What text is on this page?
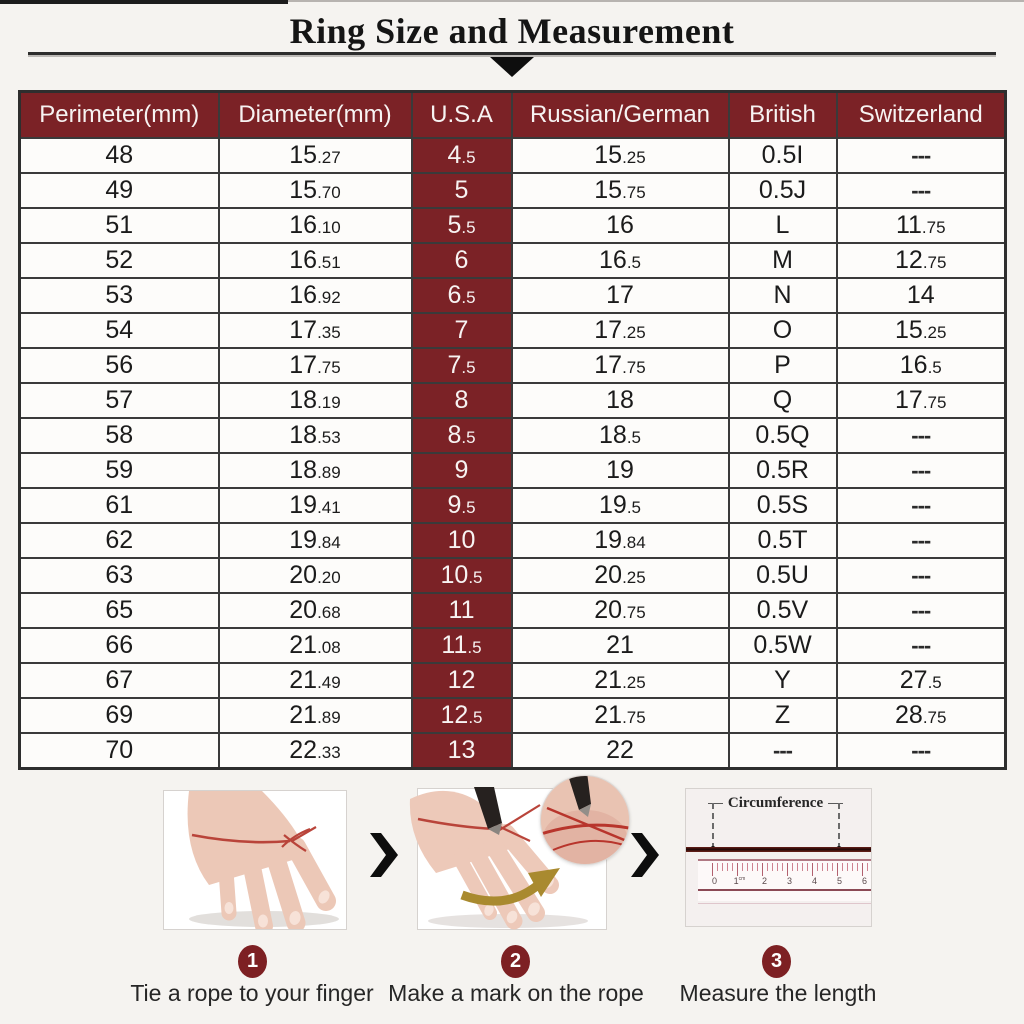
Ring Size and Measurement
Perimeter(mm)	Diameter(mm)	U.S.A	Russian/German	British	Switzerland
48	15.27	4.5	15.25	0.5I	---
49	15.70	5	15.75	0.5J	---
51	16.10	5.5	16	L	11.75
52	16.51	6	16.5	M	12.75
53	16.92	6.5	17	N	14
54	17.35	7	17.25	O	15.25
56	17.75	7.5	17.75	P	16.5
57	18.19	8	18	Q	17.75
58	18.53	8.5	18.5	0.5Q	---
59	18.89	9	19	0.5R	---
61	19.41	9.5	19.5	0.5S	---
62	19.84	10	19.84	0.5T	---
63	20.20	10.5	20.25	0.5U	---
65	20.68	11	20.75	0.5V	---
66	21.08	11.5	21	0.5W	---
67	21.49	12	21.25	Y	27.5
69	21.89	12.5	21.75	Z	28.75
70	22.33	13	22	---	---
Circumference
0	$1^{cm}$	2	3	4	5	6
1	2	3
Tie a rope to your finger Make a mark on the rope Measure the length
